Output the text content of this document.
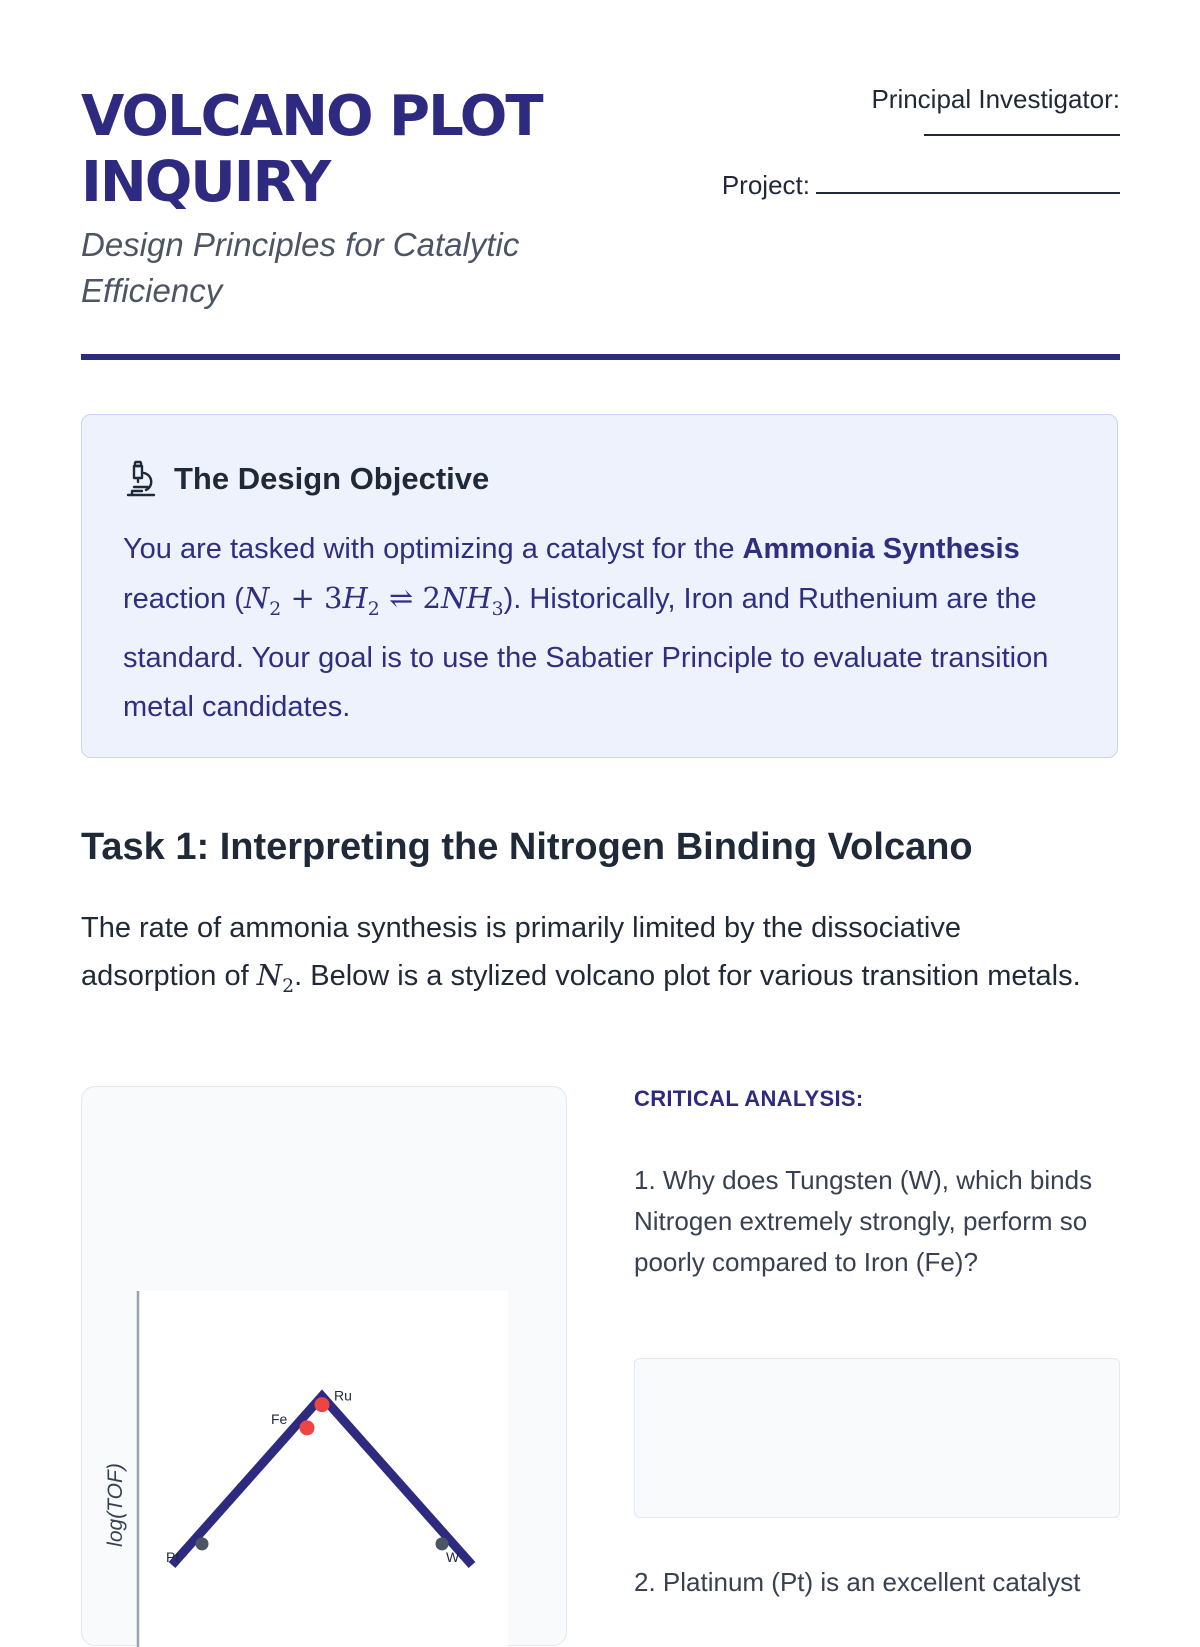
VOLCANO PLOT
INQUIRY
Design Principles for Catalytic Efficiency
Principal Investigator:
Project:
The Design Objective
You are tasked with optimizing a catalyst for the Ammonia Synthesis reaction ($N_2 + 3H_2$ ⇌ $2NH_3$). Historically, Iron and Ruthenium are the standard. Your goal is to use the Sabatier Principle to evaluate transition metal candidates.
Task 1: Interpreting the Nitrogen Binding Volcano
The rate of ammonia synthesis is primarily limited by the dissociative adsorption of $N_2$. Below is a stylized volcano plot for various transition metals.
log(TOF)
Pt
Fe
Ru
W
CRITICAL ANALYSIS:
1. Why does Tungsten (W), which binds Nitrogen extremely strongly, perform so poorly compared to Iron (Fe)?
2. Platinum (Pt) is an excellent catalyst
